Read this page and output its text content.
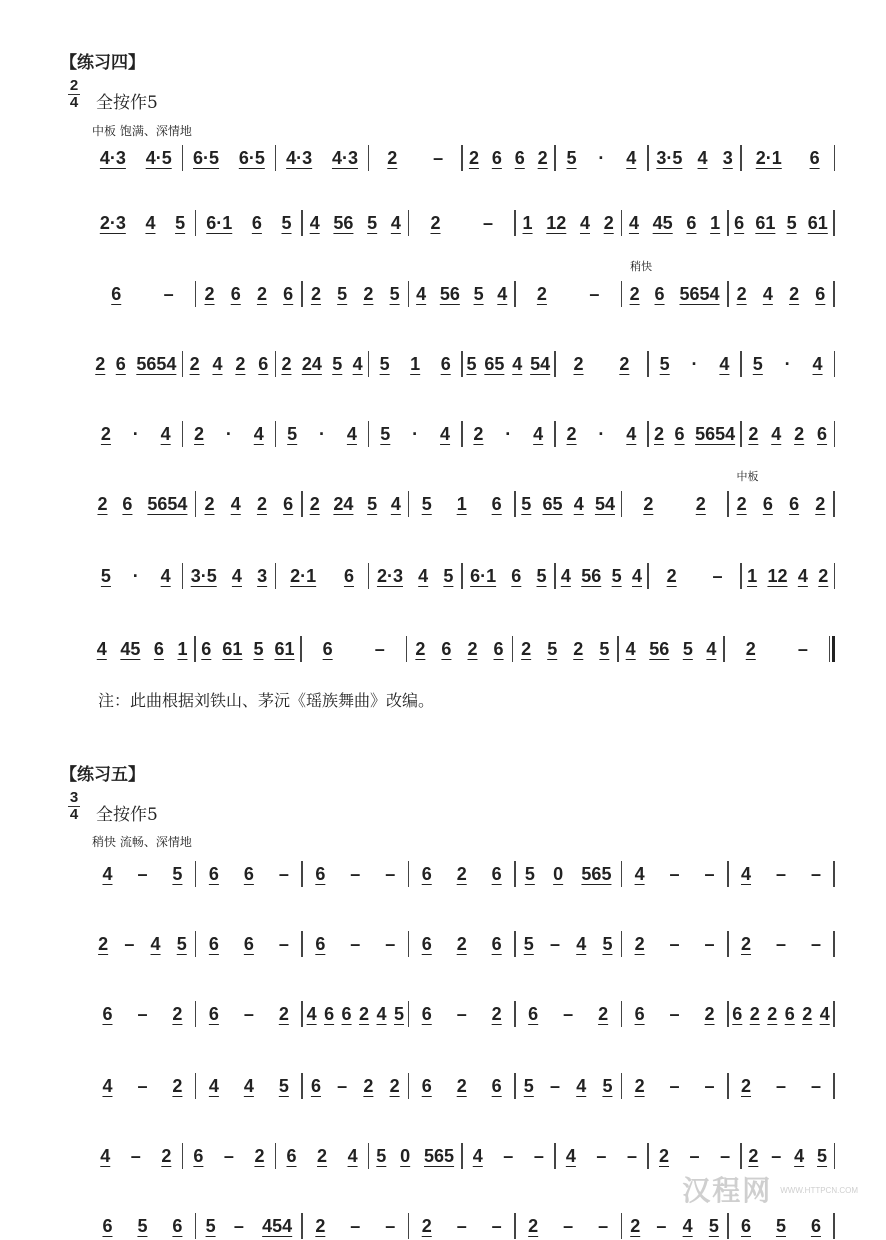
【练习四】
2
4 全按作5
中板 饱满、深情地
4·3 4·5 6·5 6·5 4·3 4·3 2 – 2 6 6 2 5 · 4 3·5 4 3 2·1 6
2·3 4 5 6·1 6 5 4 56 5 4 2 – 1 12 4 2 4 45 6 1 6 61 5 61
6 – 2 6 2 6 2 5 2 5 4 56 5 4 2 – 2 6 5654
稍快
2 4 2 6
2 6 5654 2 4 2 6 2 24 5 4 5 1 6 5 65 4 54 2 2 5 · 4 5 · 4
2 · 4 2 · 4 5 · 4 5 · 4 2 · 4 2 · 4 2 6 5654 2 4 2 6
2 6 5654 2 4 2 6 2 24 5 4 5 1 6 5 65 4 54 2 2 2 6 6 2
中板
5 · 4 3·5 4 3 2·1 6 2·3 4 5 6·1 6 5 4 56 5 4 2 – 1 12 4 2
4 45 6 1 6 61 5 61 6 – 2 6 2 6 2 5 2 5 4 56 5 4 2 –
【练习五】
3
4 全按作5
稍快 流畅、深情地
4 – 5 6 6 – 6 – – 6 2 6 5 0 565 4 – – 4 – –
2 – 4 5 6 6 – 6 – – 6 2 6 5 – 4 5 2 – – 2 – –
6 – 2 6 – 2 4 6 6 2 4 5 6 – 2 6 – 2 6 – 2 6 2 2 6 2 4
4 – 2 4 4 5 6 – 2 2 6 2 6 5 – 4 5 2 – – 2 – –
4 – 2 6 – 2 6 2 4 5 0 565 4 – – 4 – – 2 – – 2 – 4 5
6 5 6 5 – 454 2 – – 2 – – 2 – – 2 – 4 5 6 5 6
注：此曲根据刘铁山、茅沅《瑶族舞曲》改编。
汉程网 WWW.HTTPCN.COM
